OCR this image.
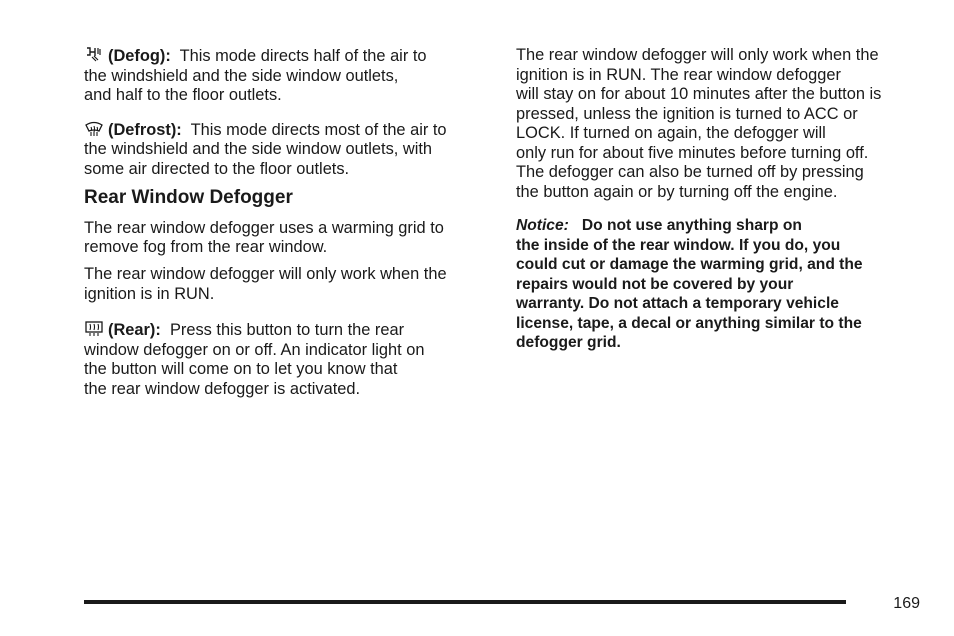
(Defog): This mode directs half of the air to
the windshield and the side window outlets,
and half to the floor outlets.

(Defrost): This mode directs most of the air to
the windshield and the side window outlets, with
some air directed to the floor outlets.

Rear Window Defogger

The rear window defogger uses a warming grid to
remove fog from the rear window.

The rear window defogger will only work when the
ignition is in RUN.

(Rear): Press this button to turn the rear
window defogger on or off. An indicator light on
the button will come on to let you know that
the rear window defogger is activated.

The rear window defogger will only work when the
ignition is in RUN. The rear window defogger
will stay on for about 10 minutes after the button is
pressed, unless the ignition is turned to ACC or
LOCK. If turned on again, the defogger will
only run for about five minutes before turning off.
The defogger can also be turned off by pressing
the button again or by turning off the engine.

Notice: Do not use anything sharp on
the inside of the rear window. If you do, you
could cut or damage the warming grid, and the
repairs would not be covered by your
warranty. Do not attach a temporary vehicle
license, tape, a decal or anything similar to the
defogger grid.

169
